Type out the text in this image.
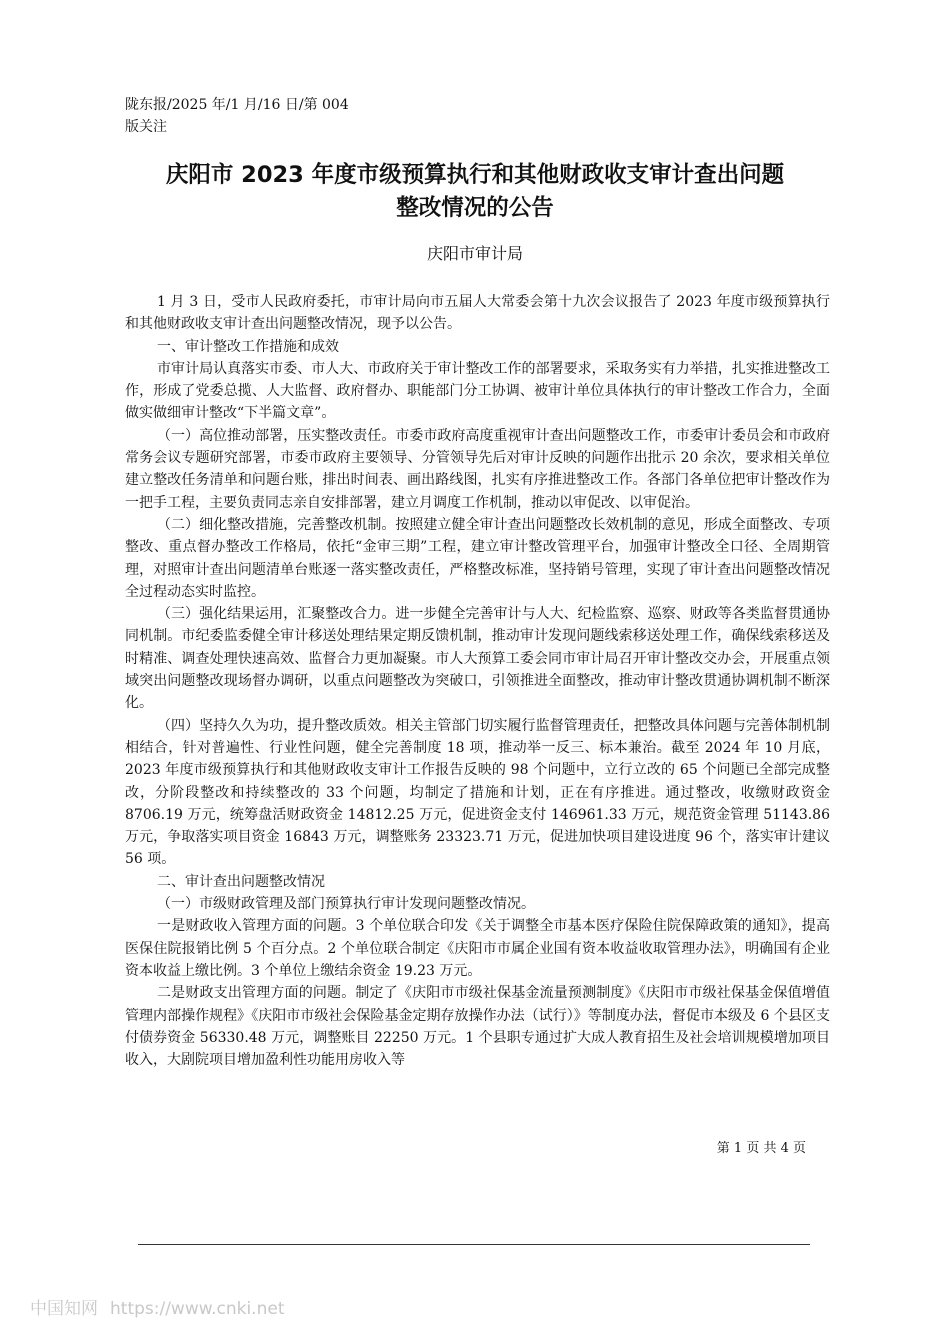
陇东报/2025 年/1 月/16 日/第 004
版关注
庆阳市 2023 年度市级预算执行和其他财政收支审计查出问题
整改情况的公告
庆阳市审计局

1 月 3 日，受市人民政府委托，市审计局向市五届人大常委会第十九次会议报告了 2023 年度市级预算执行和其他财政收支审计查出问题整改情况，现予以公告。

一、审计整改工作措施和成效

市审计局认真落实市委、市人大、市政府关于审计整改工作的部署要求，采取务实有力举措，扎实推进整改工作，形成了党委总揽、人大监督、政府督办、职能部门分工协调、被审计单位具体执行的审计整改工作合力，全面做实做细审计整改“下半篇文章”。

（一）高位推动部署，压实整改责任。市委市政府高度重视审计查出问题整改工作，市委审计委员会和市政府常务会议专题研究部署，市委市政府主要领导、分管领导先后对审计反映的问题作出批示 20 余次，要求相关单位建立整改任务清单和问题台账，排出时间表、画出路线图，扎实有序推进整改工作。各部门各单位把审计整改作为一把手工程，主要负责同志亲自安排部署，建立月调度工作机制，推动以审促改、以审促治。

（二）细化整改措施，完善整改机制。按照建立健全审计查出问题整改长效机制的意见，形成全面整改、专项整改、重点督办整改工作格局，依托“金审三期”工程，建立审计整改管理平台，加强审计整改全口径、全周期管理，对照审计查出问题清单台账逐一落实整改责任，严格整改标准，坚持销号管理，实现了审计查出问题整改情况全过程动态实时监控。

（三）强化结果运用，汇聚整改合力。进一步健全完善审计与人大、纪检监察、巡察、财政等各类监督贯通协同机制。市纪委监委健全审计移送处理结果定期反馈机制，推动审计发现问题线索移送处理工作，确保线索移送及时精准、调查处理快速高效、监督合力更加凝聚。市人大预算工委会同市审计局召开审计整改交办会，开展重点领域突出问题整改现场督办调研，以重点问题整改为突破口，引领推进全面整改，推动审计整改贯通协调机制不断深化。

（四）坚持久久为功，提升整改质效。相关主管部门切实履行监督管理责任，把整改具体问题与完善体制机制相结合，针对普遍性、行业性问题，健全完善制度 18 项，推动举一反三、标本兼治。截至 2024 年 10 月底，2023 年度市级预算执行和其他财政收支审计工作报告反映的 98 个问题中，立行立改的 65 个问题已全部完成整改，分阶段整改和持续整改的 33 个问题，均制定了措施和计划，正在有序推进。通过整改，收缴财政资金 8706.19 万元，统筹盘活财政资金 14812.25 万元，促进资金支付 146961.33 万元，规范资金管理 51143.86 万元，争取落实项目资金 16843 万元，调整账务 23323.71 万元，促进加快项目建设进度 96 个，落实审计建议 56 项。

二、审计查出问题整改情况

（一）市级财政管理及部门预算执行审计发现问题整改情况。

一是财政收入管理方面的问题。3 个单位联合印发《关于调整全市基本医疗保险住院保障政策的通知》，提高医保住院报销比例 5 个百分点。2 个单位联合制定《庆阳市市属企业国有资本收益收取管理办法》，明确国有企业资本收益上缴比例。3 个单位上缴结余资金 19.23 万元。

二是财政支出管理方面的问题。制定了《庆阳市市级社保基金流量预测制度》《庆阳市市级社保基金保值增值管理内部操作规程》《庆阳市市级社会保险基金定期存放操作办法（试行）》等制度办法，督促市本级及 6 个县区支付债券资金 56330.48 万元，调整账目 22250 万元。1 个县职专通过扩大成人教育招生及社会培训规模增加项目收入，大剧院项目增加盈利性功能用房收入等

第 1 页 共 4 页
中国知网 https://www.cnki.net
